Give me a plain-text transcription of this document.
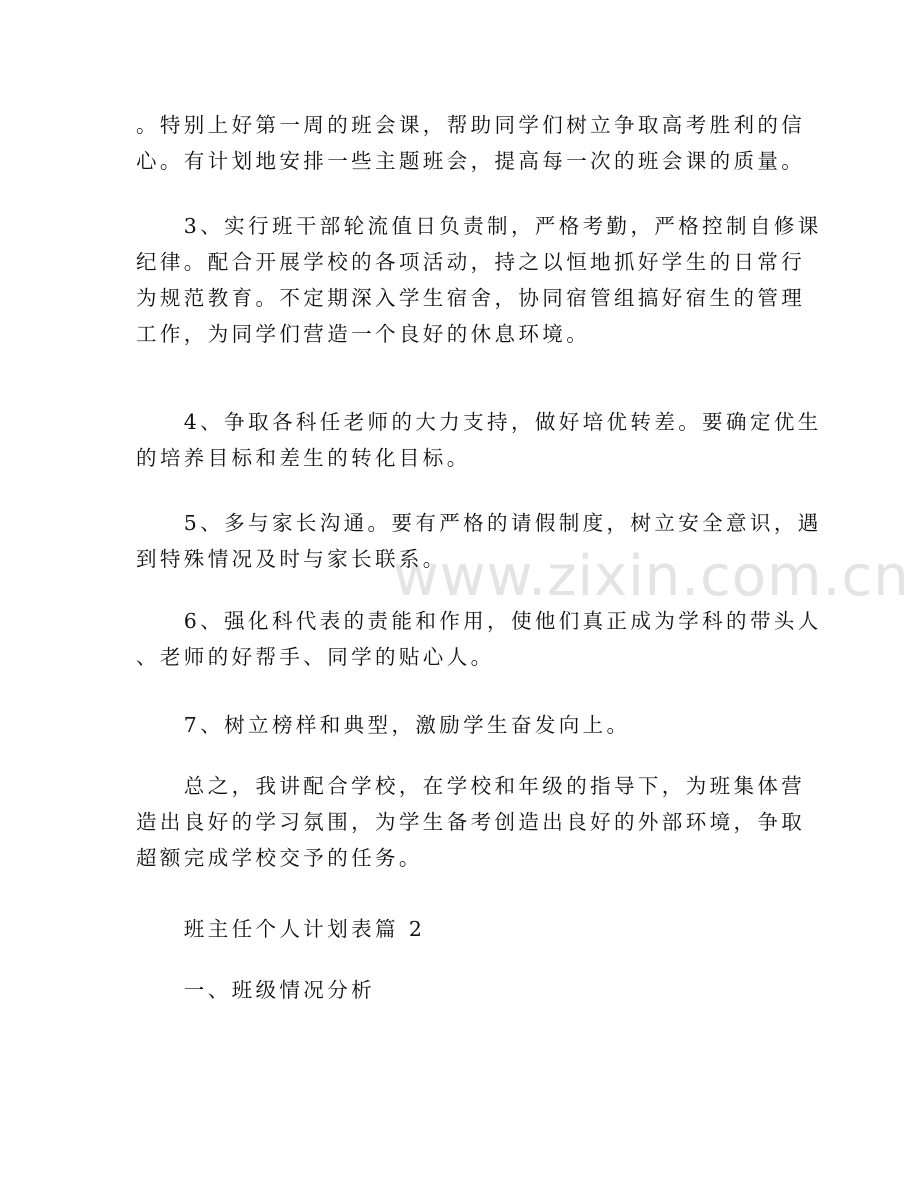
www.zixin.com.cn

。特别上好第一周的班会课，帮助同学们树立争取高考胜利的信
心。有计划地安排一些主题班会，提高每一次的班会课的质量。

　　3、实行班干部轮流值日负责制，严格考勤，严格控制自修课
纪律。配合开展学校的各项活动，持之以恒地抓好学生的日常行
为规范教育。不定期深入学生宿舍，协同宿管组搞好宿生的管理
工作，为同学们营造一个良好的休息环境。

　　4、争取各科任老师的大力支持，做好培优转差。要确定优生
的培养目标和差生的转化目标。

　　5、多与家长沟通。要有严格的请假制度，树立安全意识，遇
到特殊情况及时与家长联系。

　　6、强化科代表的责能和作用，使他们真正成为学科的带头人
、老师的好帮手、同学的贴心人。

　　7、树立榜样和典型，激励学生奋发向上。

　　总之，我讲配合学校，在学校和年级的指导下，为班集体营
造出良好的学习氛围，为学生备考创造出良好的外部环境，争取
超额完成学校交予的任务。

　　班主任个人计划表篇 2

　　一、班级情况分析
